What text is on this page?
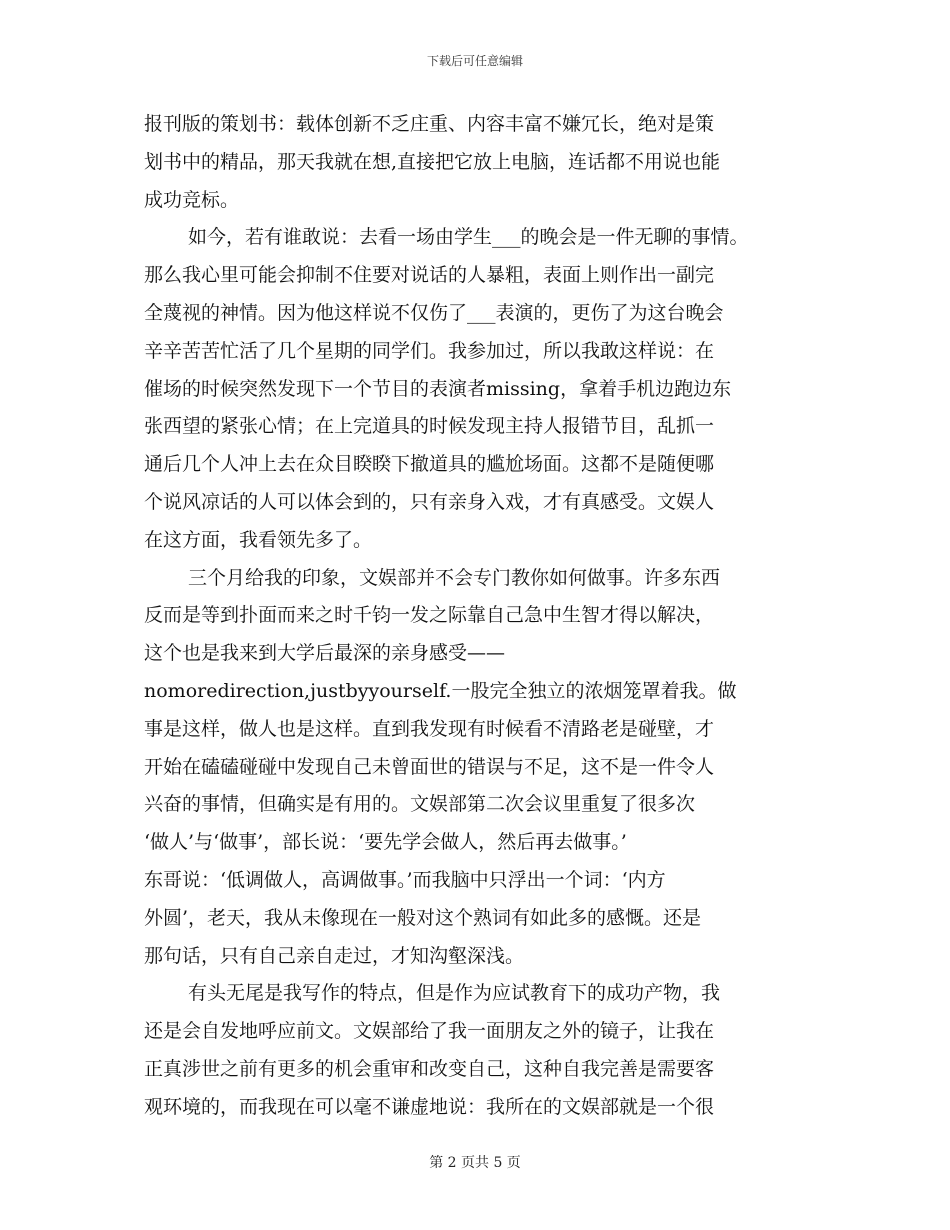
下载后可任意编辑
报刊版的策划书：载体创新不乏庄重、内容丰富不嫌冗长，绝对是策
划书中的精品，那天我就在想,直接把它放上电脑，连话都不用说也能
成功竞标。
如今，若有谁敢说：去看一场由学生___的晚会是一件无聊的事情。
那么我心里可能会抑制不住要对说话的人暴粗，表面上则作出一副完
全蔑视的神情。因为他这样说不仅伤了___表演的，更伤了为这台晚会
辛辛苦苦忙活了几个星期的同学们。我参加过，所以我敢这样说：在
催场的时候突然发现下一个节目的表演者missing，拿着手机边跑边东
张西望的紧张心情；在上完道具的时候发现主持人报错节目，乱抓一
通后几个人冲上去在众目睽睽下撤道具的尴尬场面。这都不是随便哪
个说风凉话的人可以体会到的，只有亲身入戏，才有真感受。文娱人
在这方面，我看领先多了。
三个月给我的印象，文娱部并不会专门教你如何做事。许多东西
反而是等到扑面而来之时千钧一发之际靠自己急中生智才得以解决，
这个也是我来到大学后最深的亲身感受——
nomoredirection,justbyyourself.一股完全独立的浓烟笼罩着我。做
事是这样，做人也是这样。直到我发现有时候看不清路老是碰壁，才
开始在磕磕碰碰中发现自己未曾面世的错误与不足，这不是一件令人
兴奋的事情，但确实是有用的。文娱部第二次会议里重复了很多次
‘做人’与‘做事’，部长说：‘要先学会做人，然后再去做事。’
东哥说：‘低调做人，高调做事。’而我脑中只浮出一个词：‘内方
外圆’，老天，我从未像现在一般对这个熟词有如此多的感慨。还是
那句话，只有自己亲自走过，才知沟壑深浅。
有头无尾是我写作的特点，但是作为应试教育下的成功产物，我
还是会自发地呼应前文。文娱部给了我一面朋友之外的镜子，让我在
正真涉世之前有更多的机会重审和改变自己，这种自我完善是需要客
观环境的，而我现在可以毫不谦虚地说：我所在的文娱部就是一个很
第 2 页共 5 页
